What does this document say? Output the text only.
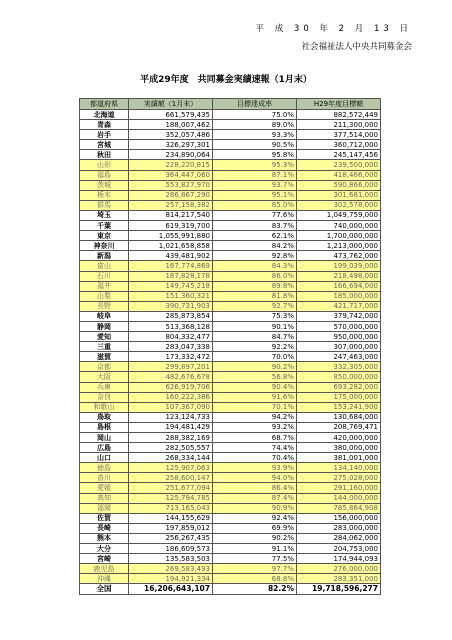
平 成 30 年 2 月 13 日
社会福祉法人中央共同募金会
平成29年度　共同募金実績速報（1月末）
都道府県	実績額（1月末）	目標達成率	H29年度目標額
北海道	661,579,435	75.0%	882,572,449
青森	188,007,462	89.0%	211,300,000
岩手	352,057,486	93.3%	377,514,000
宮城	326,297,301	90.5%	360,712,000
秋田	234,890,064	95.8%	245,147,456
山形	228,220,815	95.3%	239,500,000
福島	364,447,060	87.1%	418,466,000
茨城	553,827,970	93.7%	590,866,000
栃木	286,867,290	95.1%	301,681,000
群馬	257,158,382	85.0%	302,578,000
埼玉	814,217,540	77.6%	1,049,759,000
千葉	619,319,700	83.7%	740,000,000
東京	1,055,991,880	62.1%	1,700,000,000
神奈川	1,021,658,858	84.2%	1,213,000,000
新潟	439,481,902	92.8%	473,762,000
富山	167,774,869	84.3%	199,039,000
石川	187,828,178	86.0%	218,498,000
福井	149,745,218	89.8%	166,694,000
山梨	151,360,321	81.8%	185,000,000
長野	390,731,903	92.7%	421,717,000
岐阜	285,873,854	75.3%	379,742,000
静岡	513,368,128	90.1%	570,000,000
愛知	804,332,477	84.7%	950,000,000
三重	283,047,338	92.2%	307,000,000
滋賀	173,332,472	70.0%	247,463,000
京都	299,897,201	90.2%	332,305,000
大阪	482,676,678	56.8%	850,000,000
兵庫	626,919,706	90.4%	693,282,000
奈良	160,222,386	91.6%	175,000,000
和歌山	107,367,090	70.1%	153,241,900
鳥取	123,124,733	94.2%	130,684,000
島根	194,481,429	93.2%	208,769,471
岡山	288,382,169	68.7%	420,000,000
広島	282,505,557	74.4%	380,000,000
山口	268,334,144	70.4%	381,001,000
徳島	125,907,063	93.9%	134,140,000
香川	258,600,147	94.0%	275,028,000
愛媛	251,677,094	86.4%	291,160,000
高知	125,794,785	87.4%	144,000,000
福岡	713,165,043	90.9%	785,864,908
佐賀	144,155,629	92.4%	156,000,000
長崎	197,859,012	69.9%	283,000,000
熊本	256,267,435	90.2%	284,062,000
大分	186,609,573	91.1%	204,753,000
宮崎	135,583,503	77.5%	174,944,093
鹿児島	269,583,493	97.7%	276,000,000
沖縄	194,921,334	68.8%	283,351,000
全国	16,206,643,107	82.2%	19,718,596,277
